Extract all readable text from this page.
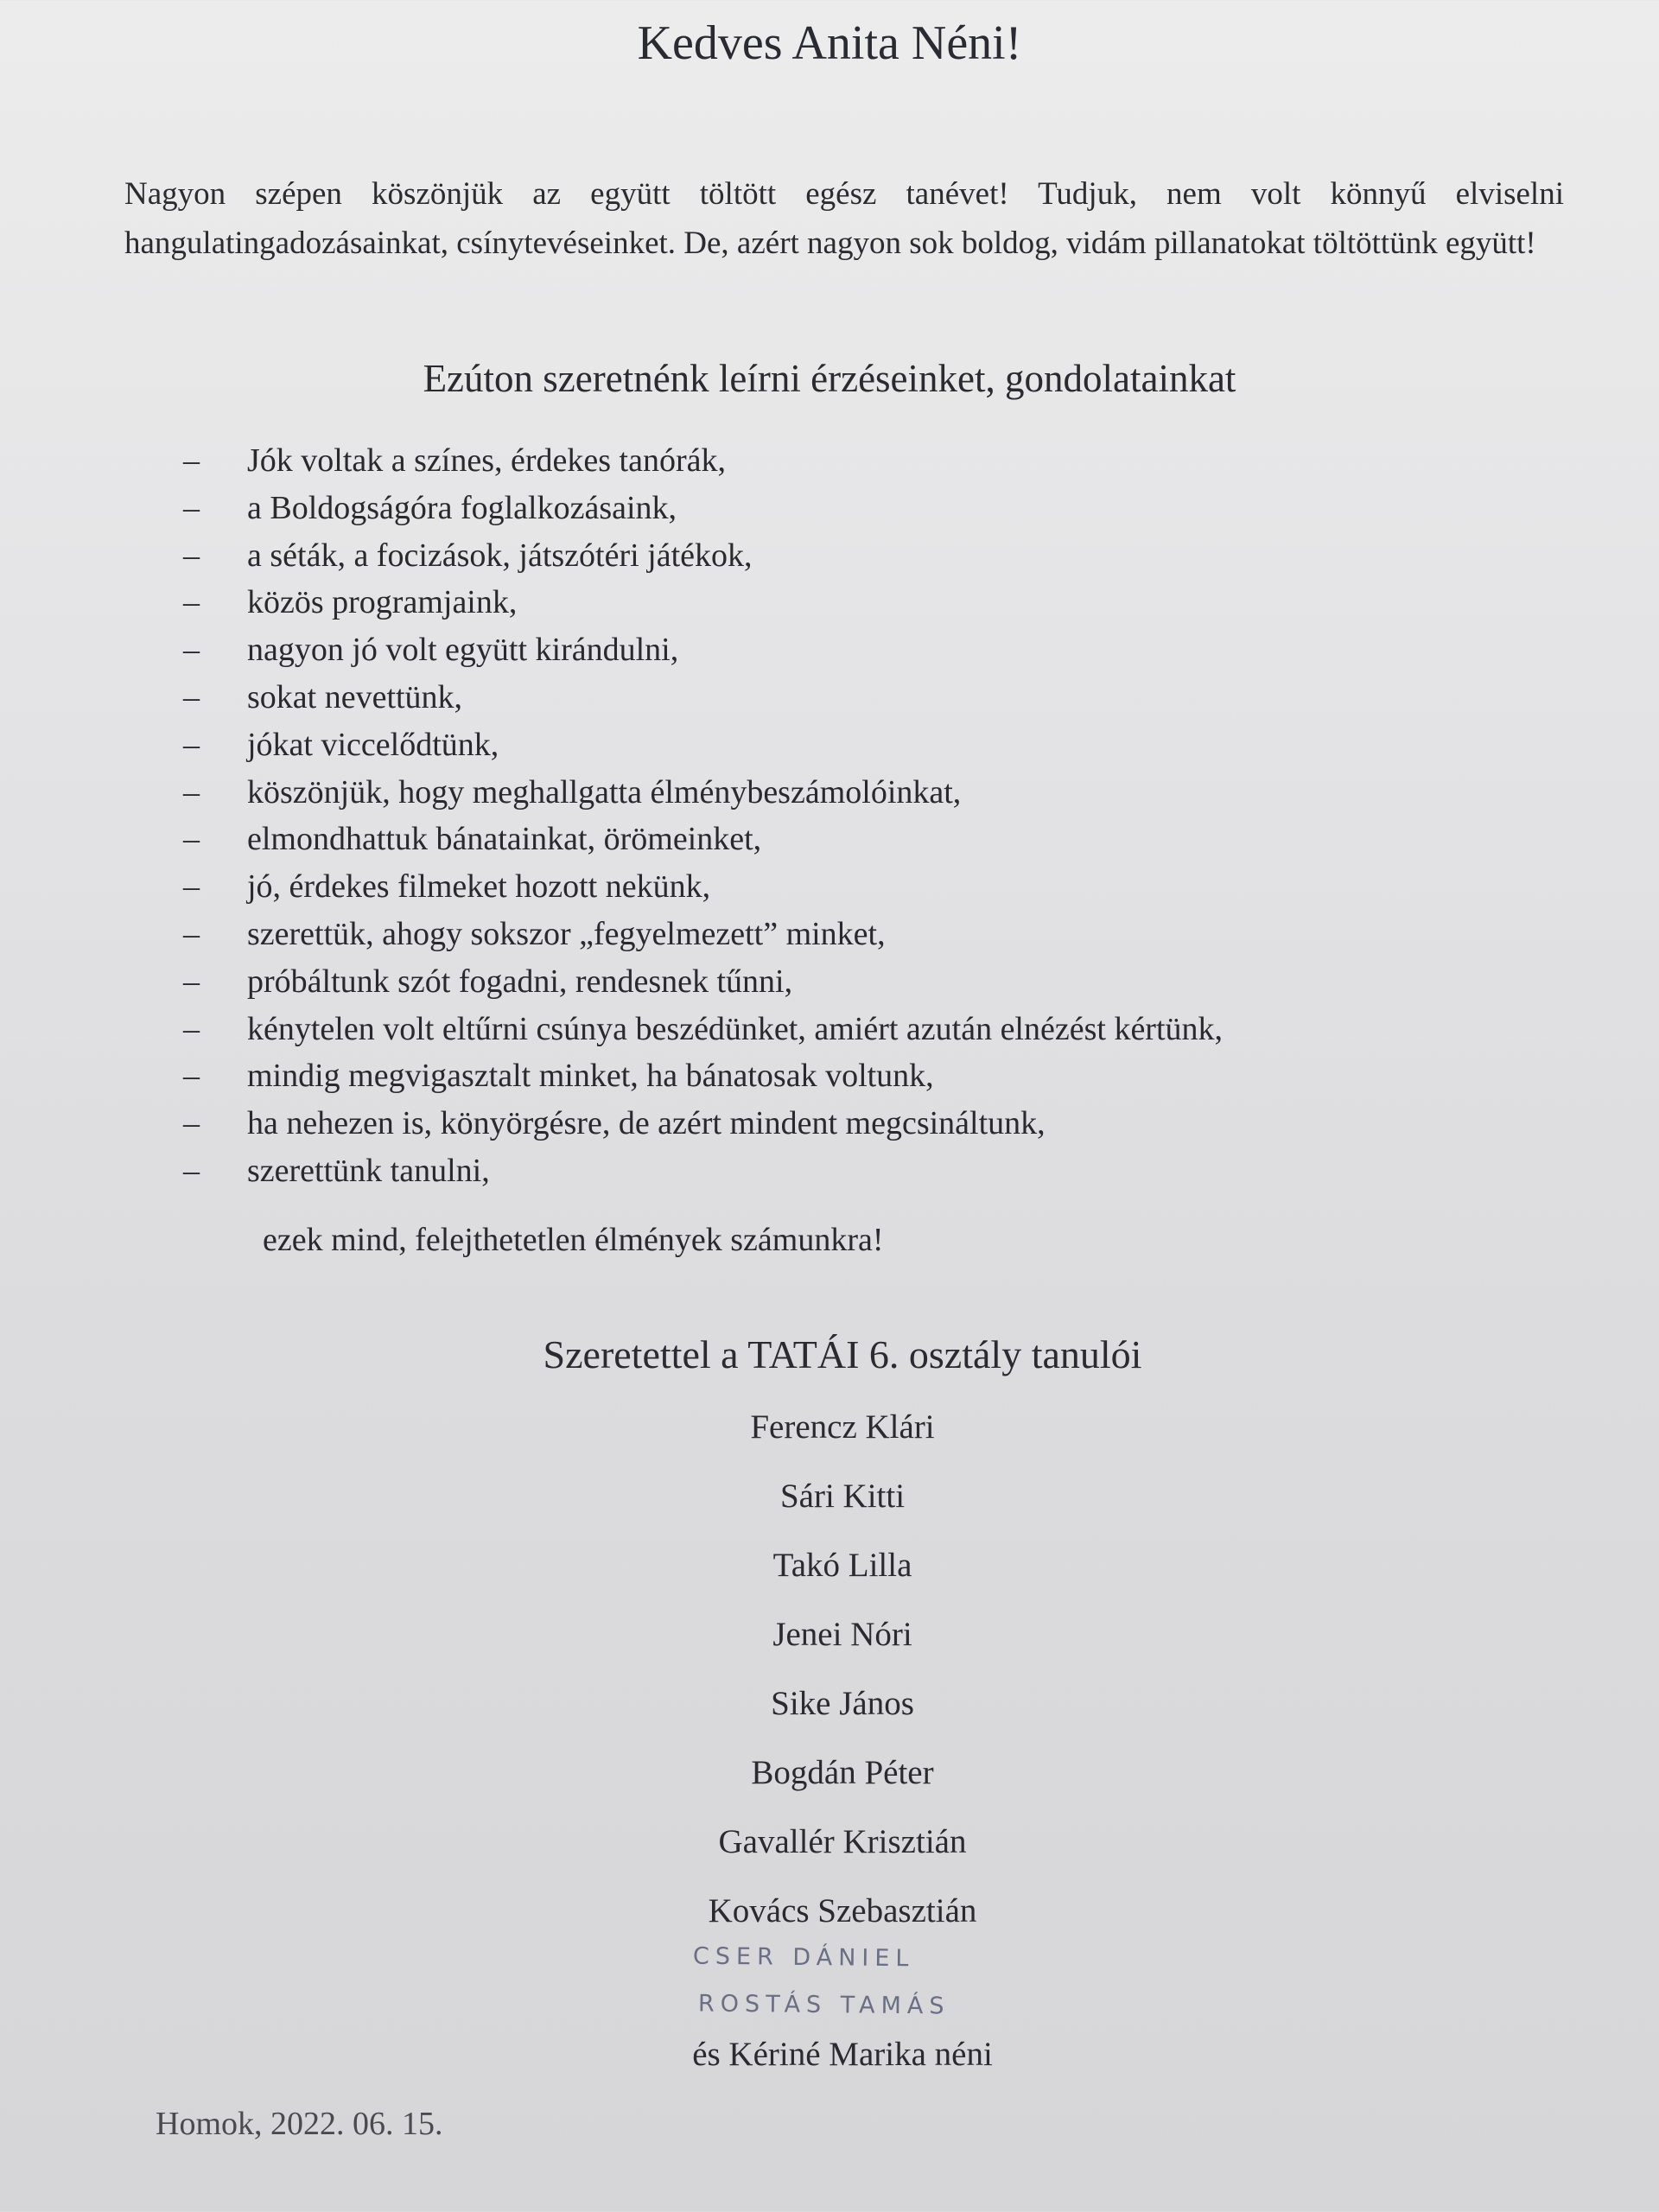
Kedves Anita Néni!
Nagyon szépen köszönjük az együtt töltött egész tanévet! Tudjuk, nem volt könnyű elviselni hangulatingadozásainkat, csínytevéseinket. De, azért nagyon sok boldog, vidám pillanatokat töltöttünk együtt!
Ezúton szeretnénk leírni érzéseinket, gondolatainkat
–	Jók voltak a színes, érdekes tanórák,
–	a Boldogságóra foglalkozásaink,
–	a séták, a focizások, játszótéri játékok,
–	közös programjaink,
–	nagyon jó volt együtt kirándulni,
–	sokat nevettünk,
–	jókat viccelődtünk,
–	köszönjük, hogy meghallgatta élménybeszámolóinkat,
–	elmondhattuk bánatainkat, örömeinket,
–	jó, érdekes filmeket hozott nekünk,
–	szerettük, ahogy sokszor „fegyelmezett” minket,
–	próbáltunk szót fogadni, rendesnek tűnni,
–	kénytelen volt eltűrni csúnya beszédünket, amiért azután elnézést kértünk,
–	mindig megvigasztalt minket, ha bánatosak voltunk,
–	ha nehezen is, könyörgésre, de azért mindent megcsináltunk,
–	szerettünk tanulni,
ezek mind, felejthetetlen élmények számunkra!
Szeretettel a TATÁI 6. osztály tanulói
Ferencz Klári
Sári Kitti
Takó Lilla
Jenei Nóri
Sike János
Bogdán Péter
Gavallér Krisztián
Kovács Szebasztián
CSER DÁNIEL
ROSTÁS TAMÁS
és Kériné Marika néni
Homok, 2022. 06. 15.
